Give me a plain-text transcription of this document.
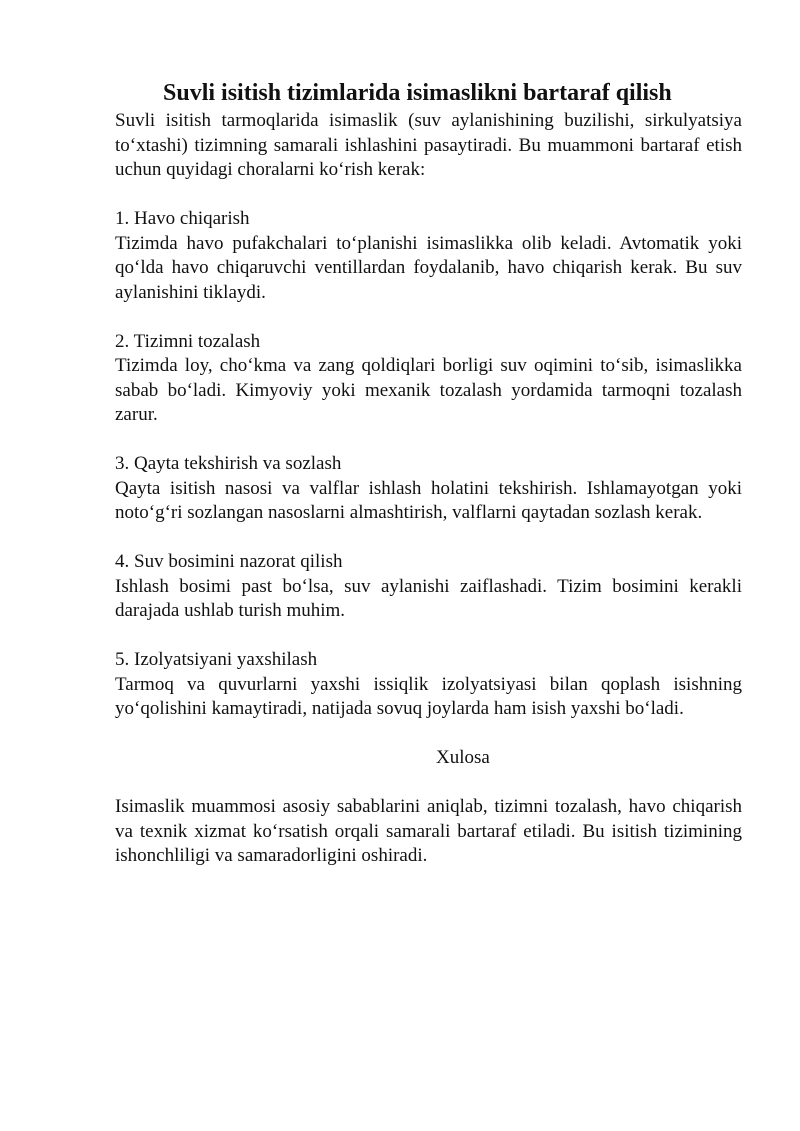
Suvli isitish tizimlarida isimaslikni bartaraf qilish

Suvli isitish tarmoqlarida isimaslik (suv aylanishining buzilishi, sirkulyatsiya to‘xtashi) tizimning samarali ishlashini pasaytiradi. Bu muammoni bartaraf etish uchun quyidagi choralarni ko‘rish kerak:

1. Havo chiqarish

Tizimda havo pufakchalari to‘planishi isimaslikka olib keladi. Avtomatik yoki qo‘lda havo chiqaruvchi ventillardan foydalanib, havo chiqarish kerak. Bu suv aylanishini tiklaydi.

2. Tizimni tozalash

Tizimda loy, cho‘kma va zang qoldiqlari borligi suv oqimini to‘sib, isimaslikka sabab bo‘ladi. Kimyoviy yoki mexanik tozalash yordamida tarmoqni tozalash zarur.

3. Qayta tekshirish va sozlash

Qayta isitish nasosi va valflar ishlash holatini tekshirish. Ishlamayotgan yoki noto‘g‘ri sozlangan nasoslarni almashtirish, valflarni qaytadan sozlash kerak.

4. Suv bosimini nazorat qilish

Ishlash bosimi past bo‘lsa, suv aylanishi zaiflashadi. Tizim bosimini kerakli darajada ushlab turish muhim.

5. Izolyatsiyani yaxshilash

Tarmoq va quvurlarni yaxshi issiqlik izolyatsiyasi bilan qoplash isishning yo‘qolishini kamaytiradi, natijada sovuq joylarda ham isish yaxshi bo‘ladi.

Xulosa

Isimaslik muammosi asosiy sabablarini aniqlab, tizimni tozalash, havo chiqarish va texnik xizmat ko‘rsatish orqali samarali bartaraf etiladi. Bu isitish tizimining ishonchliligi va samaradorligini oshiradi.
